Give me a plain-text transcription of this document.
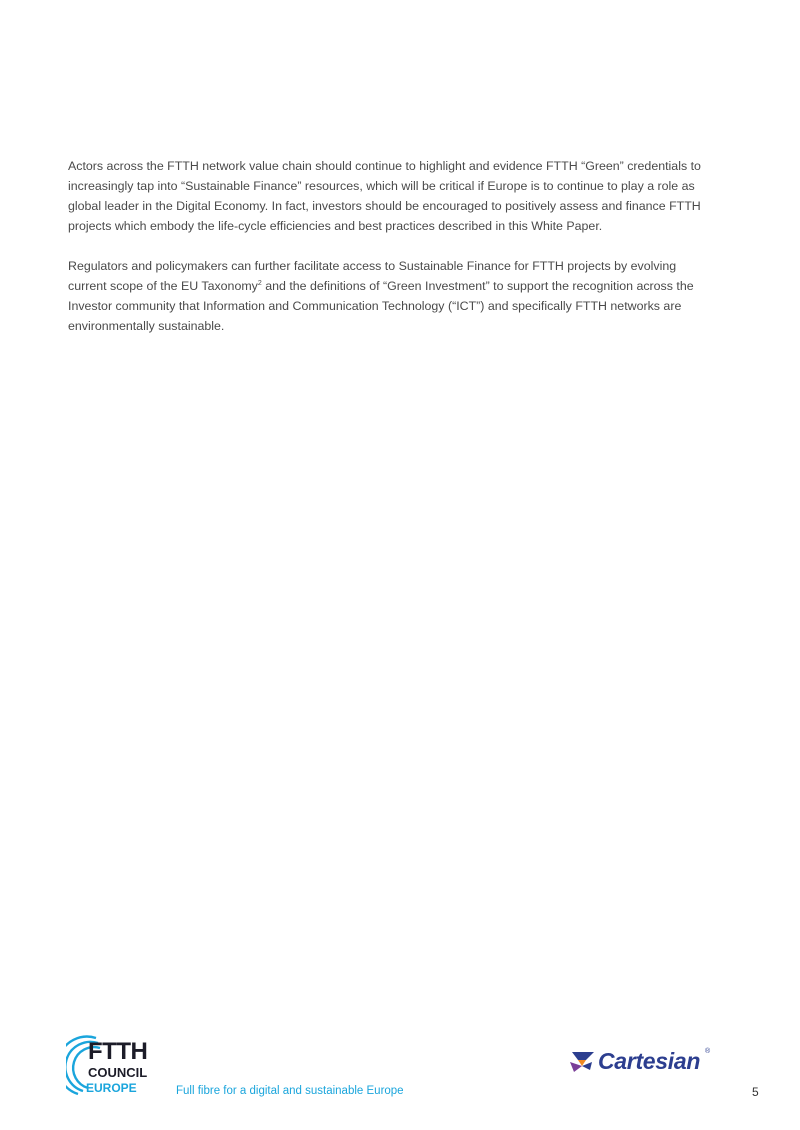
Actors across the FTTH network value chain should continue to highlight and evidence FTTH “Green” credentials to increasingly tap into “Sustainable Finance” resources, which will be critical if Europe is to continue to play a role as global leader in the Digital Economy. In fact, investors should be encouraged to positively assess and finance FTTH projects which embody the life-cycle efficiencies and best practices described in this White Paper.

Regulators and policymakers can further facilitate access to Sustainable Finance for FTTH projects by evolving current scope of the EU Taxonomy$^2$ and the definitions of “Green Investment” to support the recognition across the Investor community that Information and Communication Technology (“ICT”) and specifically FTTH networks are environmentally sustainable.

FTTH
COUNCIL
EUROPE	Full fibre for a digital and sustainable Europe
Cartesian ®
5
